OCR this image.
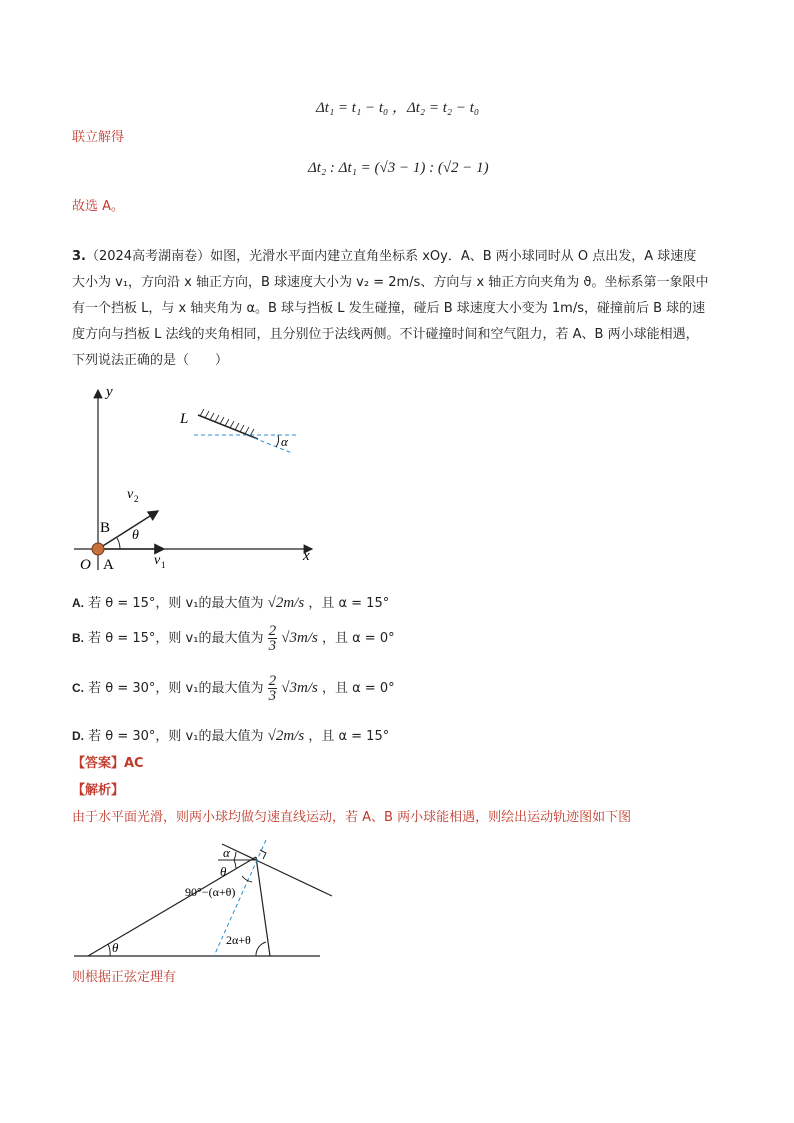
Δt₁ = t₁ − t₀ ，Δt₂ = t₂ − t₀
联立解得
Δt₂ : Δt₁ = (√3 − 1) : (√2 − 1)
故选 A。
3.（2024高考湖南卷）如图，光滑水平面内建立直角坐标系 xOy．A、B 两小球同时从 O 点出发，A 球速度
大小为 v₁，方向沿 x 轴正方向，B 球速度大小为 v₂ = 2m/s、方向与 x 轴正方向夹角为 ϑ。坐标系第一象限中
有一个挡板 L，与 x 轴夹角为 α。B 球与挡板 L 发生碰撞，碰后 B 球速度大小变为 1m/s，碰撞前后 B 球的速
度方向与挡板 L 法线的夹角相同，且分别位于法线两侧。不计碰撞时间和空气阻力，若 A、B 两小球能相遇，
下列说法正确的是（　　）
y
x
O A
B
v 1
v 2
θ
L
α
A. 若 θ = 15°，则 v₁的最大值为 √2m/s ，且 α = 15°
B. 若 θ = 15°，则 v₁的最大值为 $\frac{2}{3} √3m/s$ ，且 α = 0°
C. 若 θ = 30°，则 v₁的最大值为 $\frac{2}{3} √3m/s$ ，且 α = 0°
D. 若 θ = 30°，则 v₁的最大值为 √2m/s ，且 α = 15°
【答案】AC
【解析】
由于水平面光滑，则两小球均做匀速直线运动，若 A、B 两小球能相遇，则绘出运动轨迹图如下图
α
θ
90°−(α+θ)
2α+θ
θ
则根据正弦定理有
